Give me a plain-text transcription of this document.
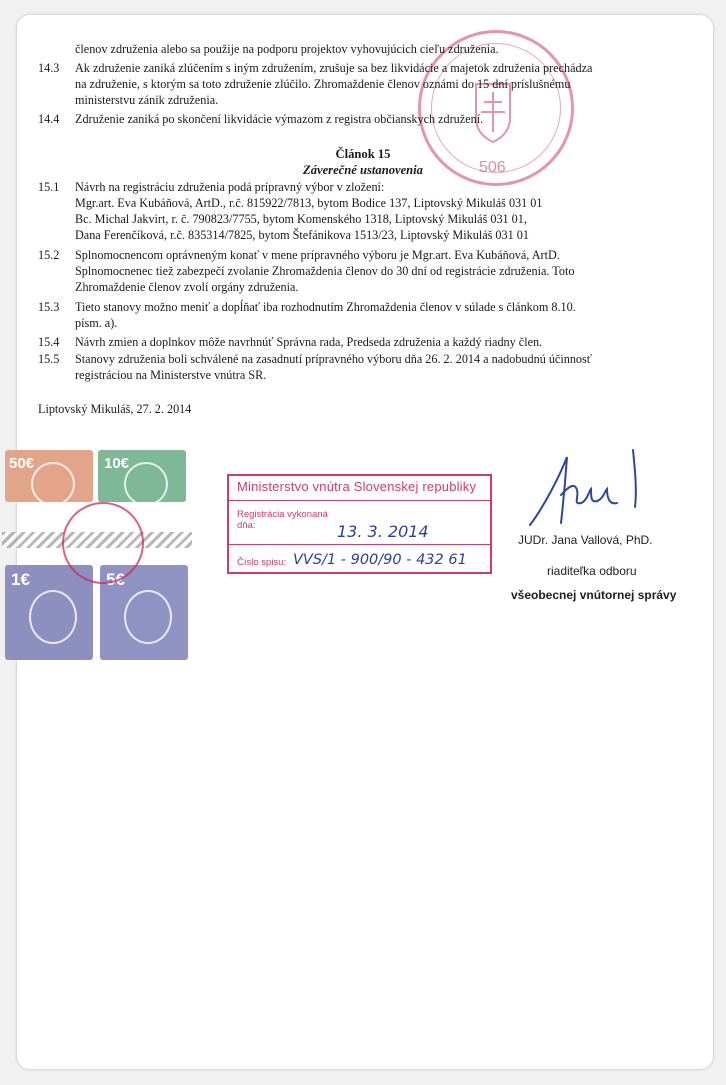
506
členov združenia alebo sa použije na podporu projektov vyhovujúcich cieľu združenia.
14.3 Ak združenie zaniká zlúčením s iným združením, zrušuje sa bez likvidácie a majetok združenia prechádza
na združenie, s ktorým sa toto združenie zlúčilo. Zhromaždenie členov oznámi do 15 dní príslušnému
ministerstvu zánik združenia.
14.4 Združenie zaniká po skončení likvidácie výmazom z registra občianskych združení.
15.1 Návrh na registráciu združenia podá prípravný výbor v zložení:
Mgr.art. Eva Kubáňová, ArtD., r.č. 815922/7813, bytom Bodice 137, Liptovský Mikuláš 031 01
Bc. Michal Jakvirt, r. č. 790823/7755, bytom Komenského 1318, Liptovský Mikuláš 031 01,
Dana Ferenčíková, r.č. 835314/7825, bytom Štefánikova 1513/23, Liptovský Mikuláš 031 01
15.2 Splnomocnencom oprávneným konať v mene prípravného výboru je Mgr.art. Eva Kubáňová, ArtD.
Splnomocnenec tiež zabezpečí zvolanie Zhromaždenia členov do 30 dní od registrácie združenia. Toto
Zhromaždenie členov zvolí orgány združenia.
15.3 Tieto stanovy možno meniť a dopĺňať iba rozhodnutím Zhromaždenia členov v súlade s článkom 8.10.
písm. a).
15.4 Návrh zmien a doplnkov môže navrhnúť Správna rada, Predseda združenia a každý riadny člen.
15.5 Stanovy združenia boli schválené na zasadnutí prípravného výboru dňa 26. 2. 2014 a nadobudnú účinnosť
registráciou na Ministerstve vnútra SR.
Liptovský Mikuláš, 27. 2. 2014
Článok 15
Záverečné ustanovenia
50€	10€
1€	5€
Ministerstvo vnútra Slovenskej republiky
Registrácia vykonaná
dňa:	13. 3. 2014
Číslo spisu: VVS/1 - 900/90 - 432 61
JUDr. Jana Vallová, PhD.
riaditeľka odboru
všeobecnej vnútornej správy
